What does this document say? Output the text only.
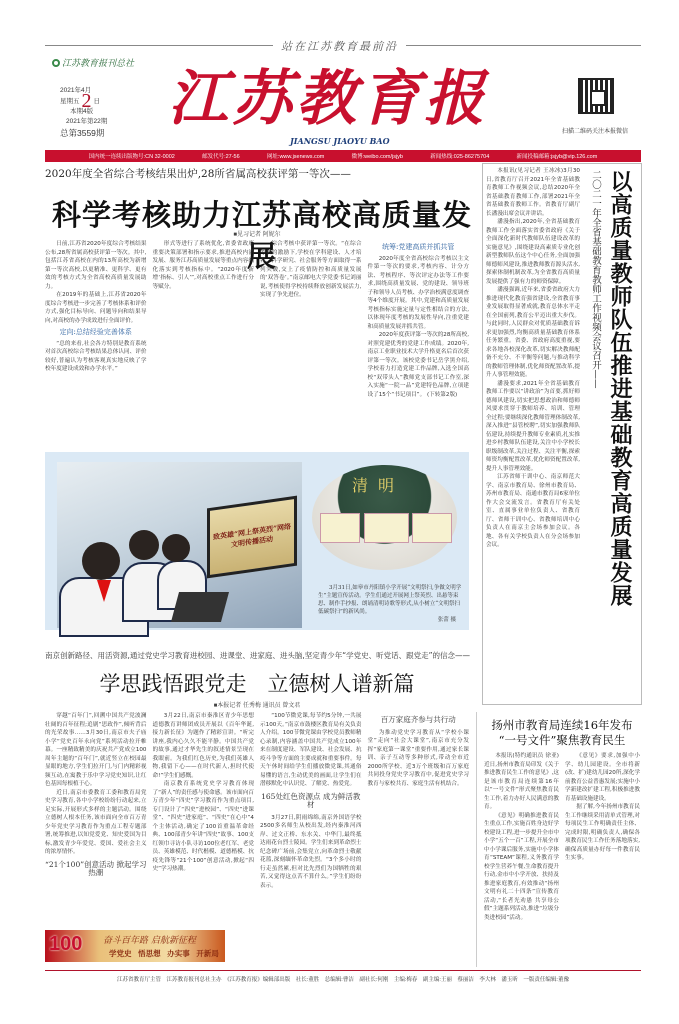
站在江苏教育最前沿
江苏教育报刊总社
2021年4月
星期五 2 日
本期4版
2021年第22期
总第3559期 江苏教育报
JIANGSU JIAOYU BAO
扫描二维码关注本报微信
国内统一连续出版物号:CN 32-0002	邮发代号:27-56	网址:www.jsenews.com	微博:weibo.com/jsjyb	新闻热线:025-86275704	新闻投稿邮箱:jsjyb@vip.126.com
2020年度全省综合考核结果出炉,28所省属高校获评第一等次——
科学考核助力江苏高校高质量发展
■见习记者 阿妮尔

日前,江苏省2020年度综合考核结果公布,28所省属高校获评第一等次。其中,包括江苏省高校在内的13所高校为新增第一等次高校,以更精准、更科学、更有效的考核方式为全省高校高质量发展助力。

在2019年的基础上,江苏省2020年度综合考核进一步完善了考核体系和评价方式,强化目标导向、问题导向和结果导向,对高校的办学成效进行全面评价。

定向:总结经验完善体系

“总的来看,社会各方特别是教育系统对首次高校综合考核结果总体认同、评价较好,普遍认为考核客观真实地反映了学校年度建设成效和办学水平。”

形式等进行了系统优化,省委省政府重要决策部署和指示要求,推进高校内涵发展、服务江苏高质量发展等重点内容细化落实到考核指标中。“2020年度新增‘指标、引人’”,对高校重点工作进行分等赋分。

综合考核中获评第一等次。“在综合考核的激励下,学校在学科建设、人才培养、科学研究、社会服务等方面取得一系列突破,交上了疫情防控和高质量发展的‘双答卷’。”南京邮电大学党委书记刘丽说,考核使得学校持续释放创新发展活力,实现了争先进位。

统筹:党建高质并抓共管

2020年度全省高校综合考核以主文件第一等次的要求,考核内容、计分方法、考核程序、等次评定办法等工作要求,围绕高质量发展、党的建设、领导班子和领导人员考核、办学治校满意度调查等4个维度开展。其中,党建和高质量发展考核指标实施定量与定性相结合的方法,以体现年度考核的发展性导向,注重党建和高质量发展并抓共管。

2020年度获评第一等次的28所高校,对照党建优秀的党建工作成绩。2020年,南京工业职业技术大学升格更名后首次获评第一等次。该校党委书记岳学黑介绍,学校着力打造党建工作品牌,入选全国高校“双带头人”教师党支部书记工作室,深入实施“一院一品”党建特色品牌,立项建设了15个“书记项目”。 (下转第2版)

致英雄“网上祭英烈”网络文明传播活动
清明
3月31日,如皋市丹阳镇小学开展“文明祭扫,争做文明学生”主题宣传活动。学生们通过开展网上祭英烈、出悬等束思、制作手抄报、朗诵清明诗歌等形式,从小树立“文明祭扫低碳祭扫”的新风尚。
张蕾 摄

本报讯(见习记者 王冰冰)3月30日,省教育厅召开2021年全省基础教育教师工作视频会议,总结2020年全省基础教育教师工作,部署2021年全省基础教育教师工作。省教育厅副厅长潘漫出席会议并讲话。

潘漫指出,2020年,全省基础教育教师工作全面落实省委省政府《关于全面深化新时代教师队伍建设改革的实施意见》,围绕建设高素质专业化创新型教师队伍这个中心任务,全面加强师德师风建设,推进教师教育源头活水,探索体制机制改革,为全省教育高质量发展提供了强有力的师资保障。

潘漫强调,近年来,省委省政府大力推进现代化教育强省建设,全省教育事业发展取得显著成就,教育总体水平走在全国前列,教育公平迈出重大步伐。与此同时,人民群众对优质基础教育诉求更加强烈,均衡高质量基础教育体系任务繁重。省委、省政府高度重视,要求各地各校深化改革,切实解决教师配备不充分、不平衡等问题,与推动科学的教师管理体制,优化师资配置改革,提升人事管理效能。

潘漫要求,2021年全省基础教育教师工作要以“讲政治”为首要,抓好师德师风建设,切实把思想政治和师德师风要求贯穿于教师培养、培训、管理全过程;要继续深化教师管理体制改革,深入推进“县管校聘”,切实加强教师队伍建设,持续提升教师专业素质,扎实推进乡村教师队伍建设,关注中小学校长职级制改革,关注过程、关注平衡,探索师资均衡配置改革,优化师资配置改革,提升人事管理效能。

江苏省师干训中心、南京师范大学、南京市教育局、徐州市教育局、苏州市教育局、南通市教育局6家单位作大会交流发言。省教育厅有关处室、直属事业单位负责人、省教育厅、省师干训中心、省教师培训中心负责人在南京主会场参加会议。各地、各有关学校负责人在分会场参加会议。

二〇二一年全省基础教育教师工作视频会议召开—— 以高质量教师队伍推进基础教育高质量发展
南京创新路径、用活资源,通过党史学习教育进校园、进课堂、进家庭、进头脑,坚定青少年“学党史、听党话、跟党走”的信念——
学思践悟跟党走　立德树人谱新篇
■本报记者 任秀梅 通讯员 曾文君

穿越“百年门”,回溯中国共产党波澜壮阔的百年征程;追剧“思政作”,倾听背后的光荣故事……3月30日,南京市夫子庙小学“党史百年永向党”系列活动拉开帷幕。一座精致精美的庆祝共产党成立100周年主题的“百年门”,就近竖立在校园最显眼的地方,学生们拉开门,与门内精彩视频互动,在寓教于乐中学习党史知识,让红色基因每根植于心。

近日,南京市委教育工委和教育局党史学习教育,各中小学校纷纷行动起来,立足实际,开展形式多样的主题活动。围绕立德树人根本任务,该市面向全市百万青少年党史学习教育作为重点工程专题部署,统筹推进,以知党爱党、知史爱国为目标,激发青少年爱党、爱国、爱社会主义的浓厚情怀。

“21个100”创意活动 掀起学习热潮

3月22日,南京市秦淮区青少年思想道德教育讲师团成员开展以《百年华诞,接力新长征》为题作了精彩宣讲。“听完讲座,我内心久久不能平静。中国共产党的故事,通过才华先生的叙述情景呈现在我眼前。为我们红色历史,为我们英雄人物,我留下心——在时代新人,担时代使命!”学生们感慨。

南京教育系统党史学习教育体现了“新人”的责任感与使命感。该市面向百万青少年“四史”学习教育作为重点项目,专门设计了“四史”进校园”、“四史”进课堂”、“四史”进家庭”、“四史”在心中”4个主体活动,确定了100首重温革命经典、100部青少年讲“四史”故事、100支红领巾寻访小队寻访100位老红军、老党员、英雄模范、时代楷模、道德楷模、抗疫先锋等“21个100”创意活动,掀起“四史”学习热潮。

“100节微党课,每节约5分钟,一共展示100天。”南京市鼓楼区教育局有关负责人介绍。100节微党课由学校党员教师精心录制,内容涵盖中国共产党成立100年来在制度建设、军队建设、社会发展、抗疫斗争等方面的主要成就和重要事件。每天午休时间给学生们播放微党课,其通俗易懂的语言,生动优美的画面,让学生们在潜移默化中认识党、了解党、热爱党。

165处红色资源点 成为鲜活教材

3月27日,阴雨绵绵,南京外国语学校2500多名师生从校出发,经内秦淮河西岸、过文正桥、东水关、中华门,最终抵达雨花台烈士陵园。学生们来到革命烈士纪念碑广场前,会集党立,向革命烈士敬献花篮,深刻缅怀革命先烈。“3个多小时的行走虽然累,但对比先烈们为国牺牲的艰苦,又觉得这点苦不算什么。”学生们纷纷表示。

百万家庭齐参与共行动

为推动党史学习教育从“学校小课堂”走向“社会大课堂”,南京市充分发挥“家庭第一课堂”重要作用,通过家长课训、亲子互动等多种形式,带动全市近2000所学校、近3万个班级和百万家庭共同投身党史学习教育中,促进党史学习教育与家校共育、家庭生活有机结合。

100 奋斗百年路 启航新征程
学党史 悟思想 办实事 开新局
扬州市教育局连续16年发布
“一号文件”聚焦教育民生

本报讯(特约通讯员 徐亚)近日,扬州市教育局印发《关于推进教育民生工作的意见》,这是该市教育局连续第16年以“一号文件”形式聚焦教育民生工作,着力办好人民满意的教育。

《意见》明确推进教育民生重点工作,实施百姓身边好学校建设工程,进一步提升全市中小学“五个一百”工程,开展全市中小学课后服务,实施中小学体育“STEAM”课程,义务教育学校学生营养午餐,生命教育提升行动,金市中小学开放、扶持及推进家庭教育,有效推动“扬州文明有礼二十四条”宣传教育活动,“长者光劝愚 共享母公假”主题系列活动,推进“垃圾分类进校园”活动。

《意见》要求,加强中小学、幼儿园建设。全市将新(改、扩)建幼儿园20所,深化学前教育公益普惠发展;实施中小学新建改扩建工程,积极推进教育基础设施建设。

据了解,今年扬州市教育民生工作继续采用清单式管理,对每项民生工作明确责任主体、完成时限,明确负责人,确保各项教育民生工作任务落地落实,确保高质量办好每一件教育民生实事。

江苏省教育厅主管　江苏教育报刊总社主办　《江苏教育报》编辑部出版　社长:董胜　总编辑:曹洁　副社长:何刚　主编:梅春　副主编:王丽　蔡丽洁　李大林　潘玉昕　一版责任编辑:董豫
